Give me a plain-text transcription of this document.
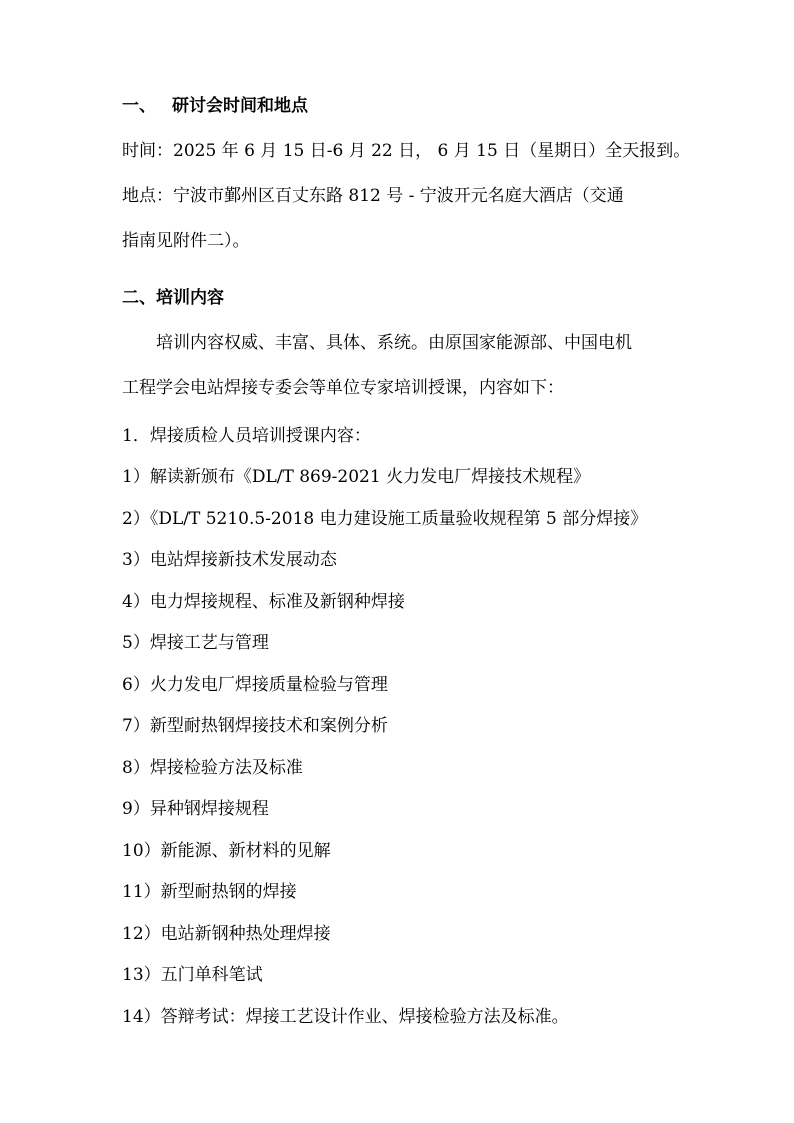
一、 研讨会时间和地点
时间：2025 年 6 月 15 日-6 月 22 日， 6 月 15 日（星期日）全天报到。
地点：宁波市鄞州区百丈东路 812 号 - 宁波开元名庭大酒店（交通
指南见附件二）。
二、培训内容
培训内容权威、丰富、具体、系统。由原国家能源部、中国电机
工程学会电站焊接专委会等单位专家培训授课，内容如下：
1．焊接质检人员培训授课内容：
1）解读新颁布《DL/T 869-2021 火力发电厂焊接技术规程》
2）《DL/T 5210.5-2018 电力建设施工质量验收规程第 5 部分焊接》
3）电站焊接新技术发展动态
4）电力焊接规程、标准及新钢种焊接
5）焊接工艺与管理
6）火力发电厂焊接质量检验与管理
7）新型耐热钢焊接技术和案例分析
8）焊接检验方法及标准
9）异种钢焊接规程
10）新能源、新材料的见解
11）新型耐热钢的焊接
12）电站新钢种热处理焊接
13）五门单科笔试
14）答辩考试：焊接工艺设计作业、焊接检验方法及标准。
